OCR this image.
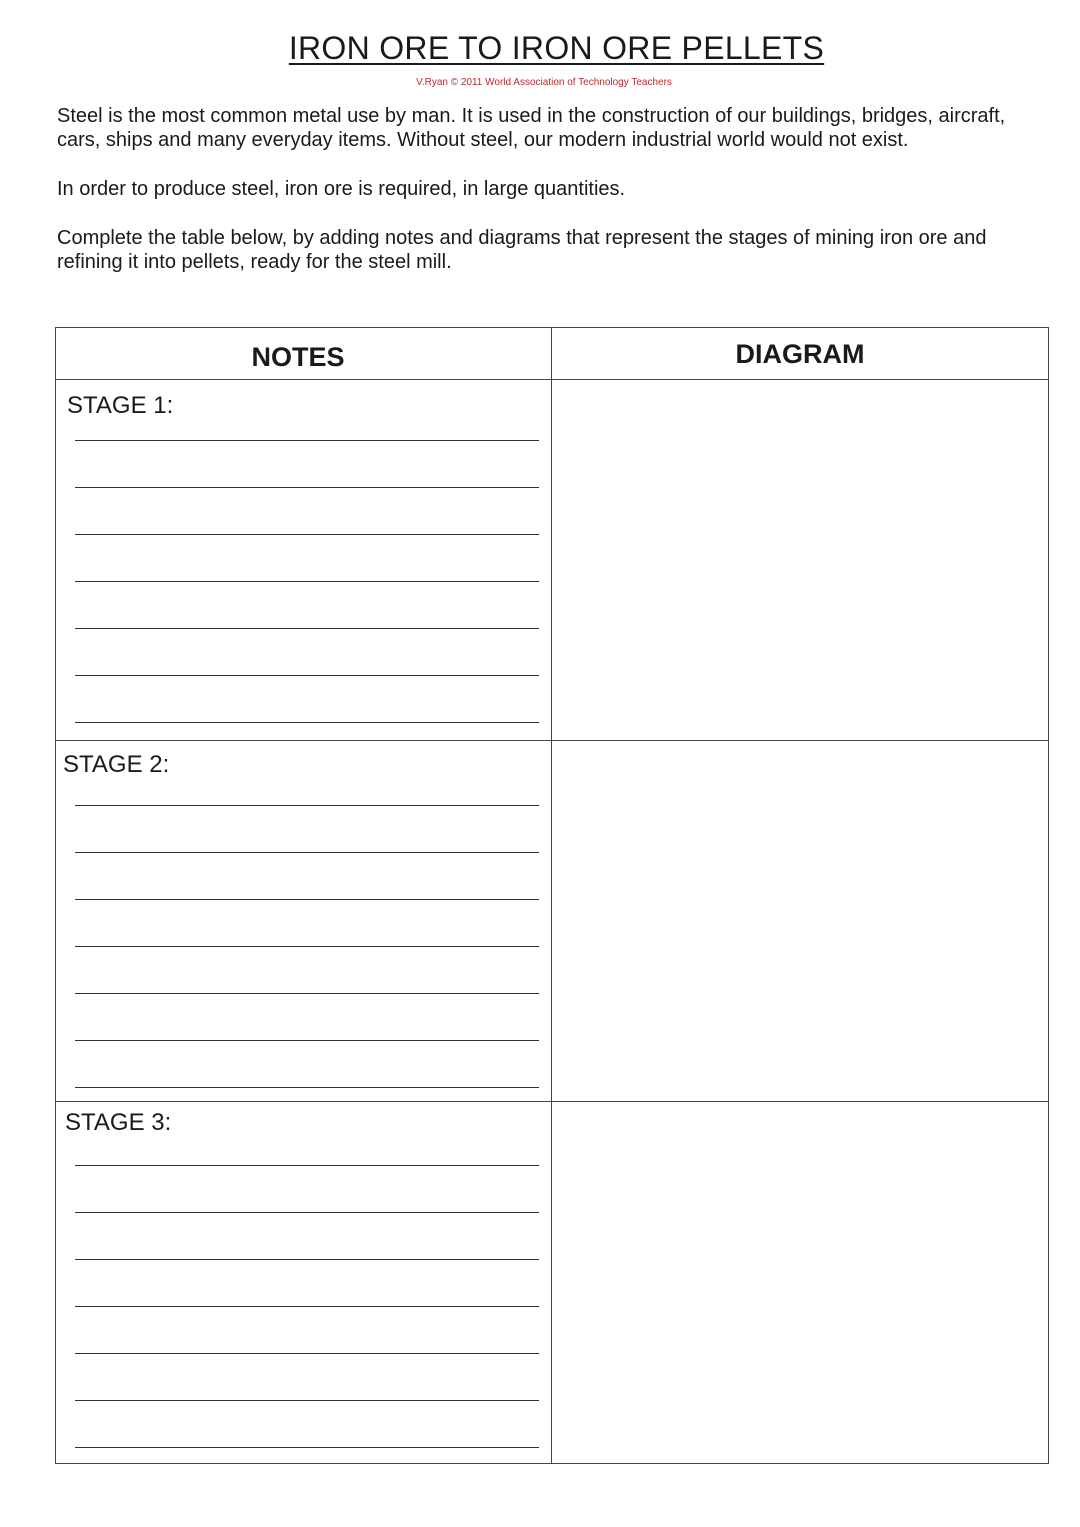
IRON ORE TO IRON ORE PELLETS
V.Ryan © 2011 World Association of Technology Teachers

Steel is the most common metal use by man. It is used in the construction of our buildings, bridges, aircraft, cars, ships and many everyday items. Without steel, our modern industrial world would not exist.

In order to produce steel, iron ore is required, in large quantities.

Complete the table below, by adding notes and diagrams that represent the stages of mining iron ore and refining it into pellets, ready for the steel mill.

NOTES	DIAGRAM
STAGE 1:
STAGE 2:
STAGE 3:
